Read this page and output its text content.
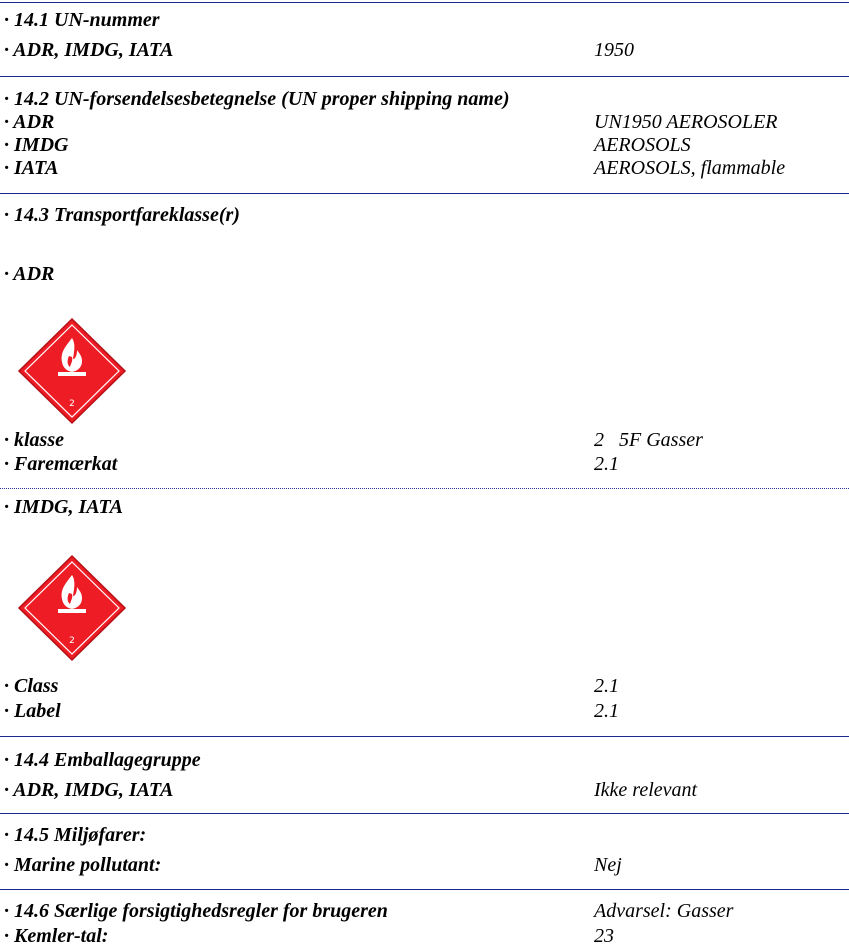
· 14.1 UN-nummer
· ADR, IMDG, IATA	1950
· 14.2 UN-forsendelsesbetegnelse (UN proper shipping name)
· ADR	UN1950 AEROSOLER
· IMDG	AEROSOLS
· IATA	AEROSOLS, flammable
· 14.3 Transportfareklasse(r)
· ADR
2
· klasse	2   5F Gasser
· Faremærkat	2.1
· IMDG, IATA
2
· Class	2.1
· Label	2.1
· 14.4 Emballagegruppe
· ADR, IMDG, IATA	Ikke relevant
· 14.5 Miljøfarer:
· Marine pollutant:	Nej
· 14.6 Særlige forsigtighedsregler for brugeren	Advarsel: Gasser
· Kemler-tal:	23
